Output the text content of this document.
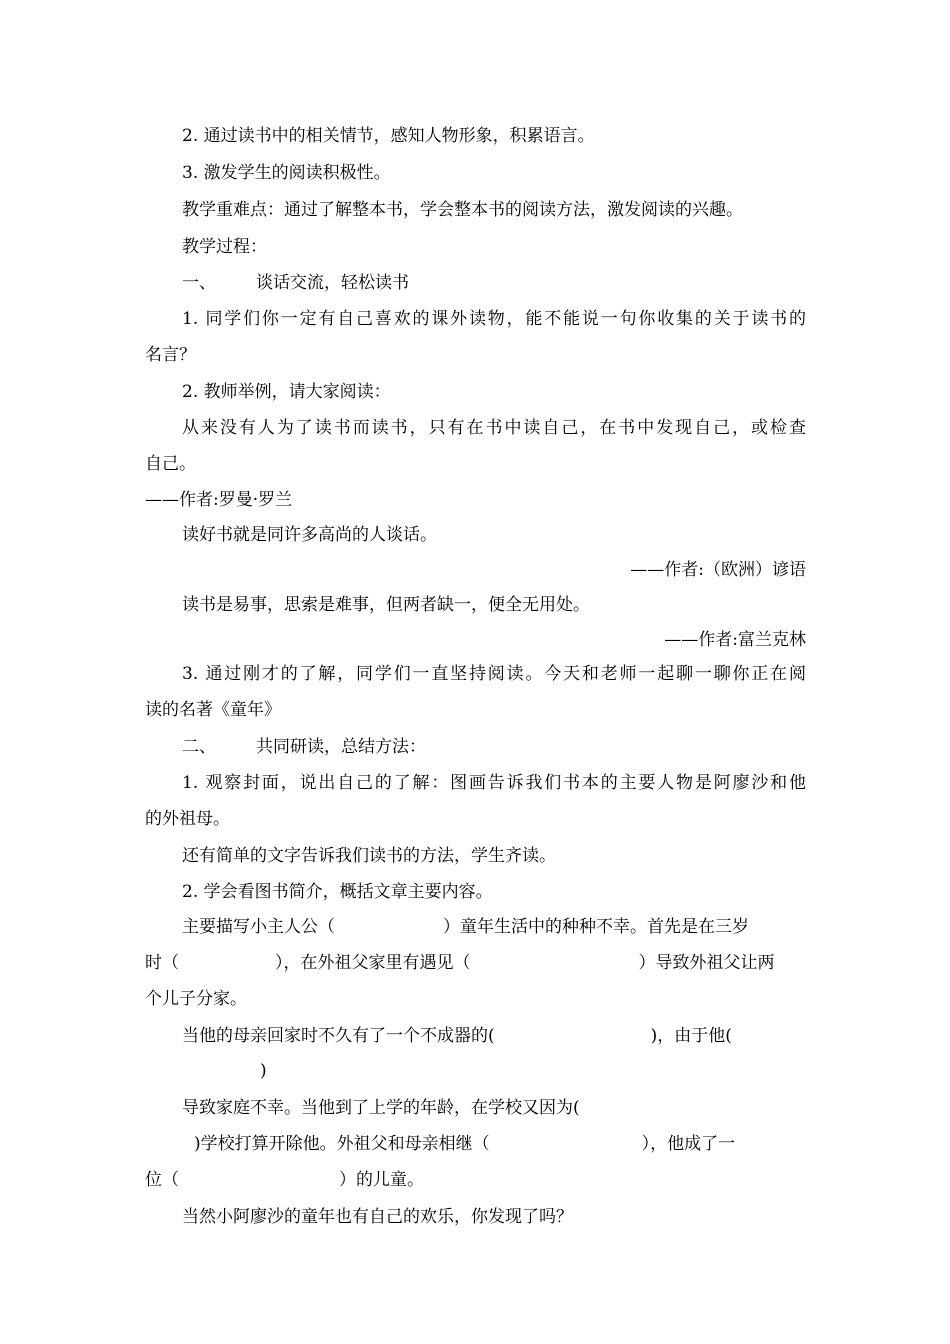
2. 通过读书中的相关情节，感知人物形象，积累语言。
3. 激发学生的阅读积极性。
教学重难点：通过了解整本书，学会整本书的阅读方法，激发阅读的兴趣。
教学过程：
一、 谈话交流，轻松读书
1. 同学们你一定有自己喜欢的课外读物，能不能说一句你收集的关于读书的
名言？
2. 教师举例，请大家阅读：
从来没有人为了读书而读书，只有在书中读自己，在书中发现自己，或检查
自己。
——作者:罗曼·罗兰
读好书就是同许多高尚的人谈话。
——作者:（欧洲）谚语
读书是易事，思索是难事，但两者缺一，便全无用处。
——作者:富兰克林
3. 通过刚才的了解，同学们一直坚持阅读。今天和老师一起聊一聊你正在阅
读的名著《童年》
二、 共同研读，总结方法：
1. 观察封面，说出自己的了解：图画告诉我们书本的主要人物是阿廖沙和他
的外祖母。
还有简单的文字告诉我们读书的方法，学生齐读。
2. 学会看图书简介，概括文章主要内容。
主要描写小主人公（	）童年生活中的种种不幸。首先是在三岁
时（	），在外祖父家里有遇见（	）导致外祖父让两
个儿子分家。
当他的母亲回家时不久有了一个不成器的(	)，由于他(
)
导致家庭不幸。当他到了上学的年龄，在学校又因为(
)学校打算开除他。外祖父和母亲相继（	），他成了一
位（	）的儿童。
当然小阿廖沙的童年也有自己的欢乐，你发现了吗？
